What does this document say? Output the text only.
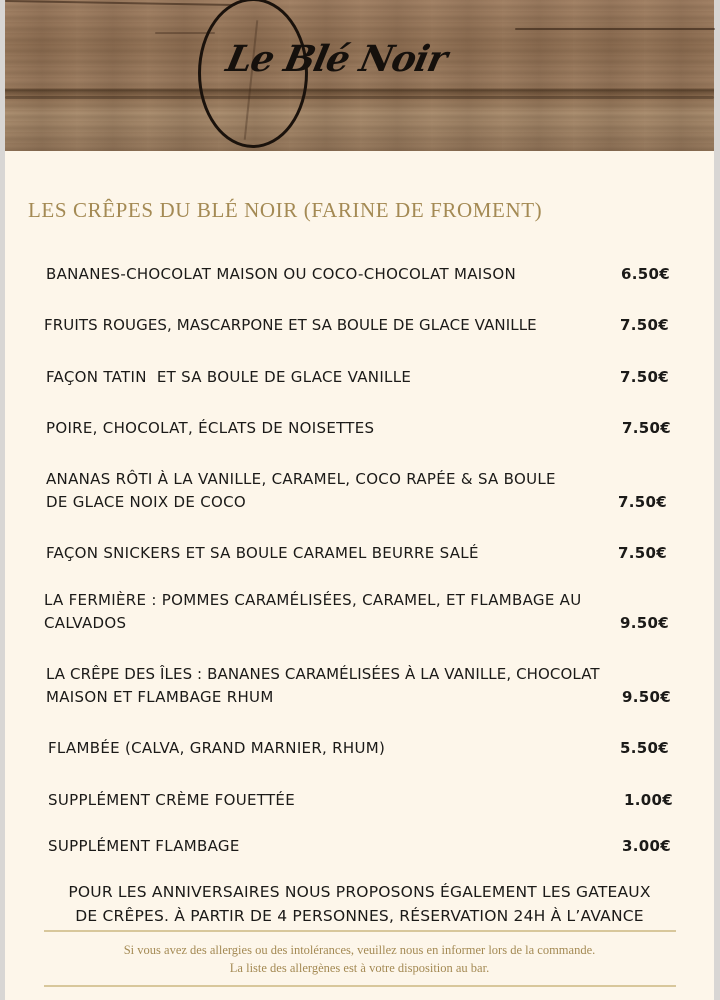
Le Blé Noir
LES CRÊPES DU BLÉ NOIR (FARINE DE FROMENT)
BANANES-CHOCOLAT MAISON OU COCO-CHOCOLAT MAISON	6.50€
FRUITS ROUGES, MASCARPONE ET SA BOULE DE GLACE VANILLE	7.50€
FAÇON TATIN  ET SA BOULE DE GLACE VANILLE	7.50€
POIRE, CHOCOLAT, ÉCLATS DE NOISETTES	7.50€
ANANAS RÔTI À LA VANILLE, CARAMEL, COCO RAPÉE & SA BOULE
DE GLACE NOIX DE COCO	7.50€
FAÇON SNICKERS ET SA BOULE CARAMEL BEURRE SALÉ	7.50€
LA FERMIÈRE : POMMES CARAMÉLISÉES, CARAMEL, ET FLAMBAGE AU
CALVADOS	9.50€
LA CRÊPE DES ÎLES : BANANES CARAMÉLISÉES À LA VANILLE, CHOCOLAT
MAISON ET FLAMBAGE RHUM	9.50€
FLAMBÉE (CALVA, GRAND MARNIER, RHUM)	5.50€
SUPPLÉMENT CRÈME FOUETTÉE	1.00€
SUPPLÉMENT FLAMBAGE	3.00€
POUR LES ANNIVERSAIRES NOUS PROPOSONS ÉGALEMENT LES GATEAUX
DE CRÊPES. À PARTIR DE 4 PERSONNES, RÉSERVATION 24H À L’AVANCE
Si vous avez des allergies ou des intolérances, veuillez nous en informer lors de la commande.
La liste des allergènes est à votre disposition au bar.
